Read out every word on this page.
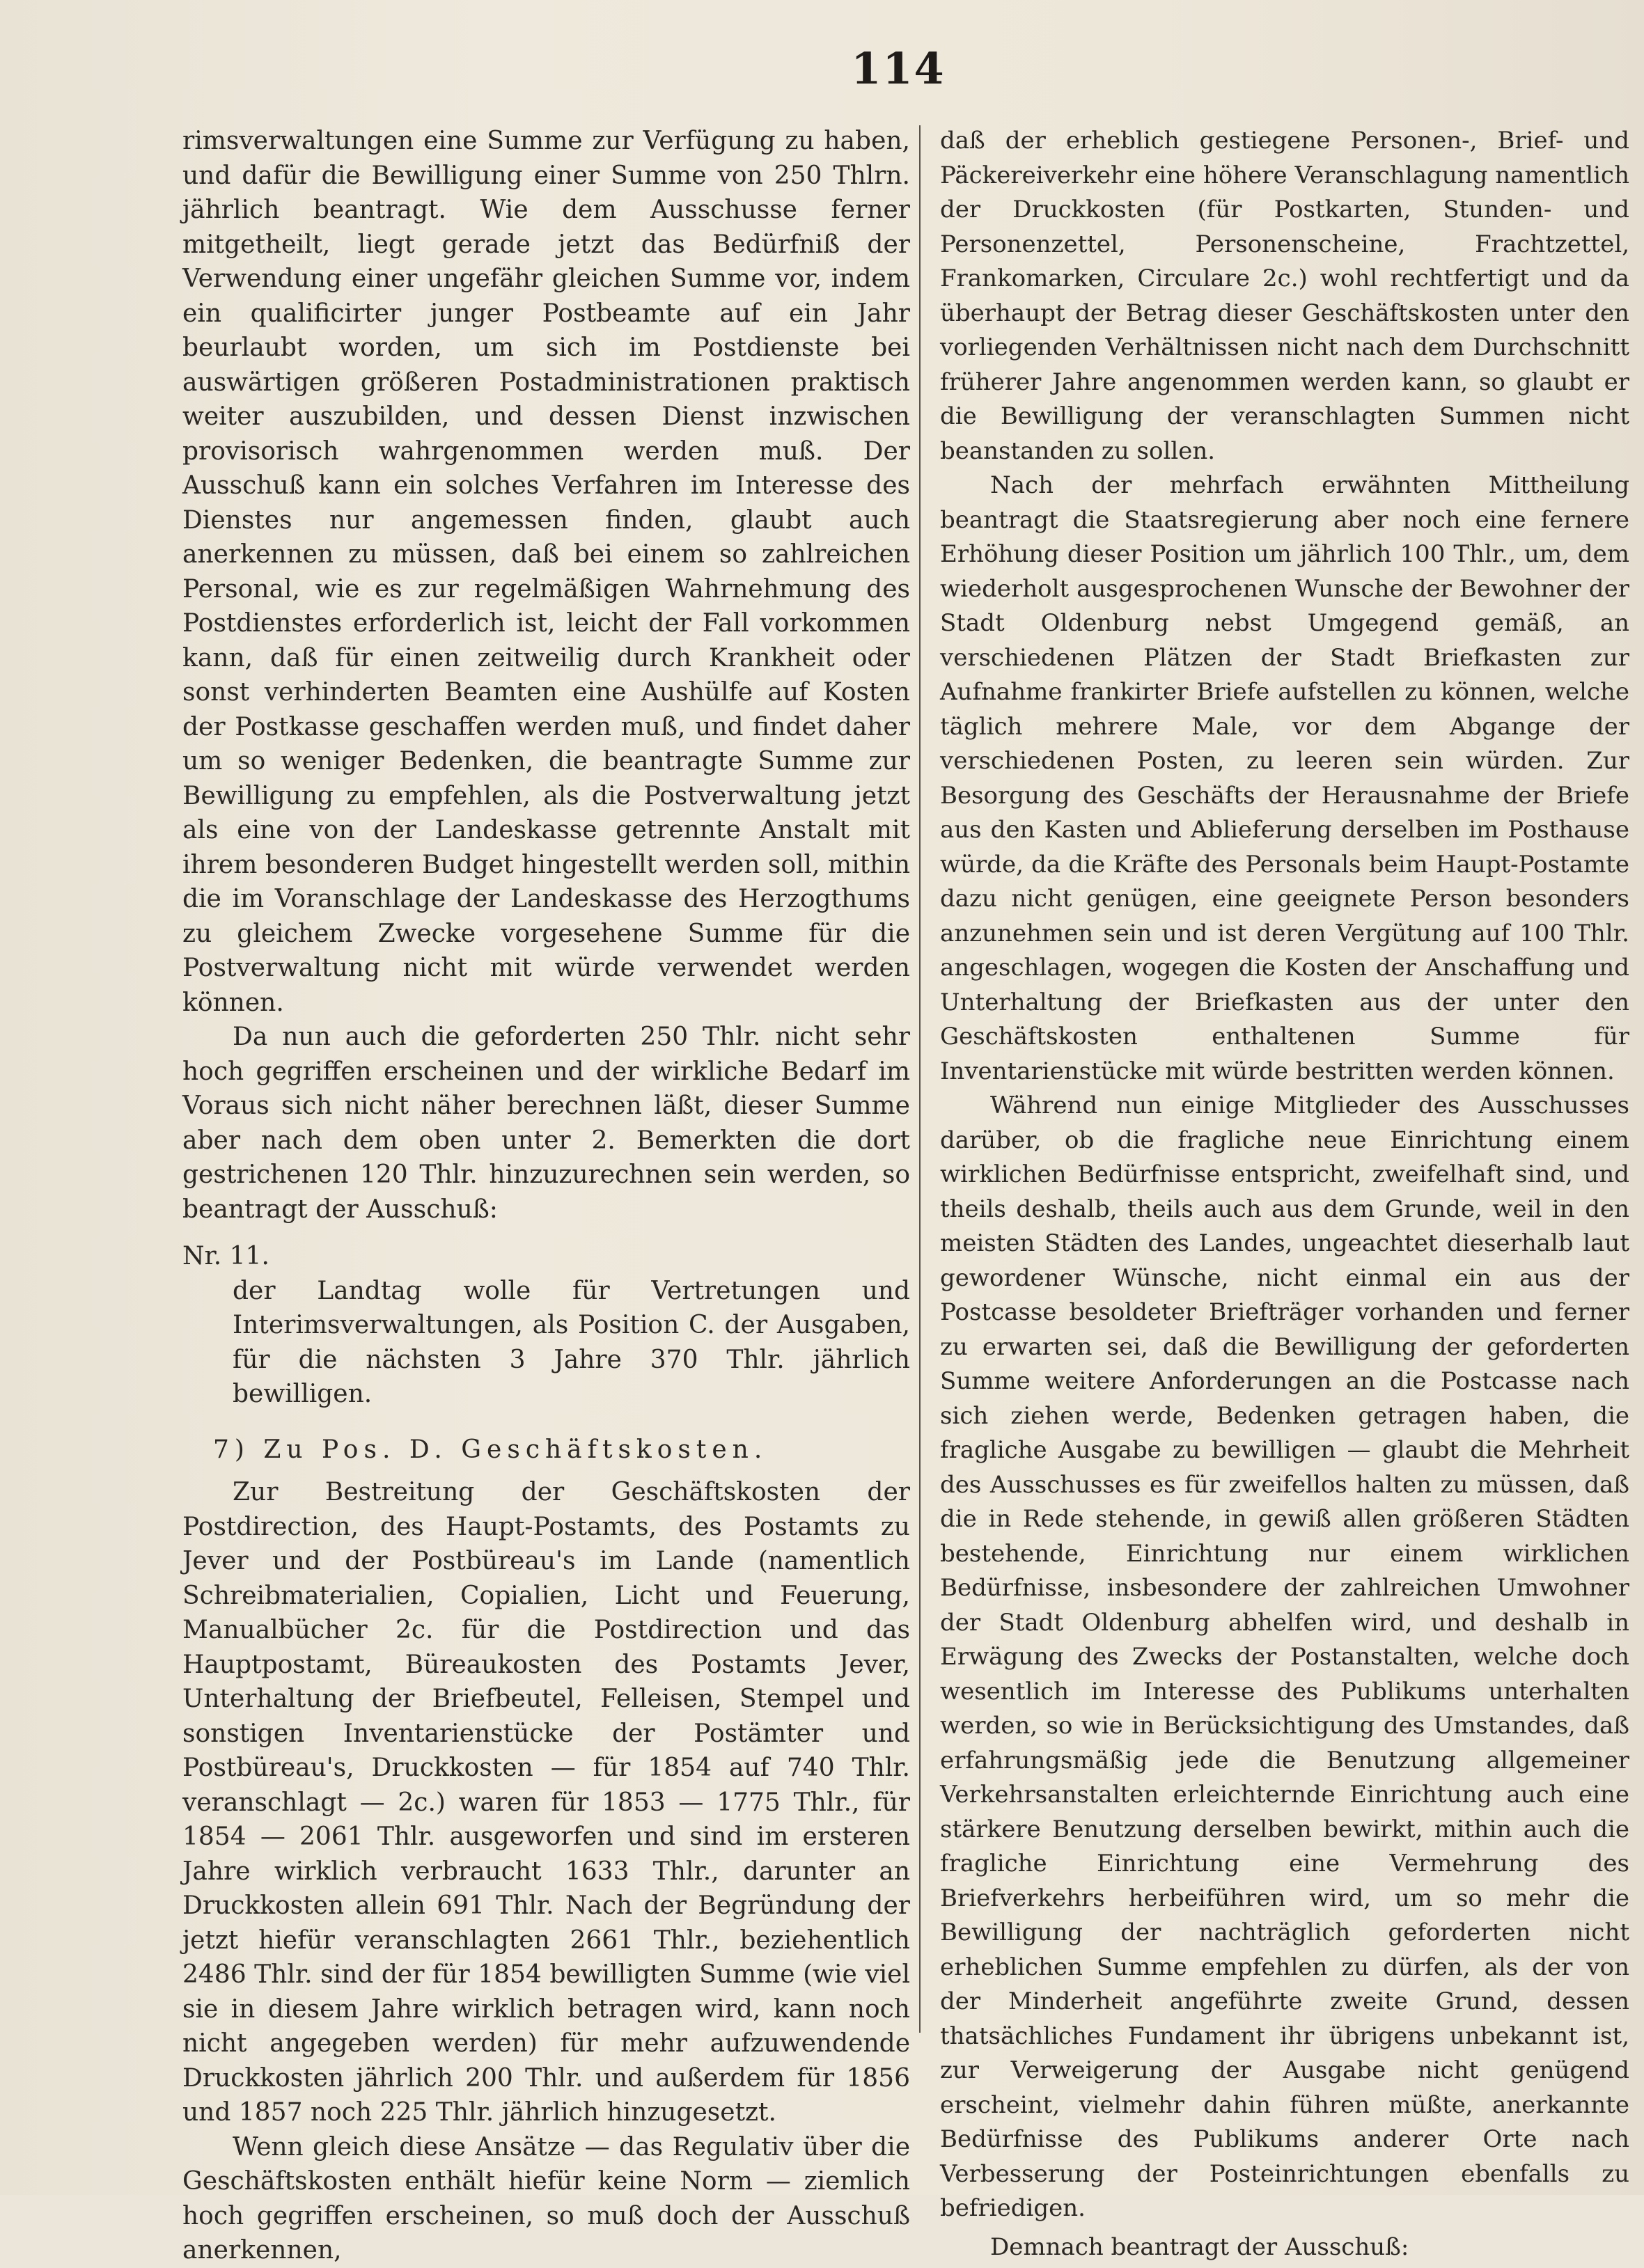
114

rimsverwaltungen eine Summe zur Verfügung zu haben, und dafür die Bewilligung einer Summe von 250 Thlrn. jährlich beantragt. Wie dem Ausschusse ferner mitgetheilt, liegt gerade jetzt das Bedürfniß der Verwendung einer ungefähr gleichen Summe vor, indem ein qualificirter junger Postbeamte auf ein Jahr beurlaubt worden, um sich im Postdienste bei auswärtigen größeren Postadministrationen praktisch weiter auszubilden, und dessen Dienst inzwischen provisorisch wahrgenommen werden muß. Der Ausschuß kann ein solches Verfahren im Interesse des Dienstes nur angemessen finden, glaubt auch anerkennen zu müssen, daß bei einem so zahlreichen Personal, wie es zur regelmäßigen Wahrnehmung des Postdienstes erforderlich ist, leicht der Fall vorkommen kann, daß für einen zeitweilig durch Krankheit oder sonst verhinderten Beamten eine Aushülfe auf Kosten der Postkasse geschaffen werden muß, und findet daher um so weniger Bedenken, die beantragte Summe zur Bewilligung zu empfehlen, als die Postverwaltung jetzt als eine von der Landeskasse getrennte Anstalt mit ihrem besonderen Budget hingestellt werden soll, mithin die im Voranschlage der Landeskasse des Herzogthums zu gleichem Zwecke vorgesehene Summe für die Postverwaltung nicht mit würde verwendet werden können.

Da nun auch die geforderten 250 Thlr. nicht sehr hoch gegriffen erscheinen und der wirkliche Bedarf im Voraus sich nicht näher berechnen läßt, dieser Summe aber nach dem oben unter 2. Bemerkten die dort gestrichenen 120 Thlr. hinzuzurechnen sein werden, so beantragt der Ausschuß:

Nr. 11.

der Landtag wolle für Vertretungen und Interimsverwaltungen, als Position C. der Ausgaben, für die nächsten 3 Jahre 370 Thlr. jährlich bewilligen.

7) Zu Pos. D. Geschäftskosten.

Zur Bestreitung der Geschäftskosten der Postdirection, des Haupt-Postamts, des Postamts zu Jever und der Postbüreau's im Lande (namentlich Schreibmaterialien, Copialien, Licht und Feuerung, Manualbücher 2c. für die Postdirection und das Hauptpostamt, Büreaukosten des Postamts Jever, Unterhaltung der Briefbeutel, Felleisen, Stempel und sonstigen Inventarienstücke der Postämter und Postbüreau's, Druckkosten — für 1854 auf 740 Thlr. veranschlagt — 2c.) waren für 1853 — 1775 Thlr., für 1854 — 2061 Thlr. ausgeworfen und sind im ersteren Jahre wirklich verbraucht 1633 Thlr., darunter an Druckkosten allein 691 Thlr. Nach der Begründung der jetzt hiefür veranschlagten 2661 Thlr., beziehentlich 2486 Thlr. sind der für 1854 bewilligten Summe (wie viel sie in diesem Jahre wirklich betragen wird, kann noch nicht angegeben werden) für mehr aufzuwendende Druckkosten jährlich 200 Thlr. und außerdem für 1856 und 1857 noch 225 Thlr. jährlich hinzugesetzt.

Wenn gleich diese Ansätze — das Regulativ über die Geschäftskosten enthält hiefür keine Norm — ziemlich hoch gegriffen erscheinen, so muß doch der Ausschuß anerkennen,

daß der erheblich gestiegene Personen-, Brief- und Päckereiverkehr eine höhere Veranschlagung namentlich der Druckkosten (für Postkarten, Stunden- und Personenzettel, Personenscheine, Frachtzettel, Frankomarken, Circulare 2c.) wohl rechtfertigt und da überhaupt der Betrag dieser Geschäftskosten unter den vorliegenden Verhältnissen nicht nach dem Durchschnitt früherer Jahre angenommen werden kann, so glaubt er die Bewilligung der veranschlagten Summen nicht beanstanden zu sollen.

Nach der mehrfach erwähnten Mittheilung beantragt die Staatsregierung aber noch eine fernere Erhöhung dieser Position um jährlich 100 Thlr., um, dem wiederholt ausgesprochenen Wunsche der Bewohner der Stadt Oldenburg nebst Umgegend gemäß, an verschiedenen Plätzen der Stadt Briefkasten zur Aufnahme frankirter Briefe aufstellen zu können, welche täglich mehrere Male, vor dem Abgange der verschiedenen Posten, zu leeren sein würden. Zur Besorgung des Geschäfts der Herausnahme der Briefe aus den Kasten und Ablieferung derselben im Posthause würde, da die Kräfte des Personals beim Haupt-Postamte dazu nicht genügen, eine geeignete Person besonders anzunehmen sein und ist deren Vergütung auf 100 Thlr. angeschlagen, wogegen die Kosten der Anschaffung und Unterhaltung der Briefkasten aus der unter den Geschäftskosten enthaltenen Summe für Inventarienstücke mit würde bestritten werden können.

Während nun einige Mitglieder des Ausschusses darüber, ob die fragliche neue Einrichtung einem wirklichen Bedürfnisse entspricht, zweifelhaft sind, und theils deshalb, theils auch aus dem Grunde, weil in den meisten Städten des Landes, ungeachtet dieserhalb laut gewordener Wünsche, nicht einmal ein aus der Postcasse besoldeter Briefträger vorhanden und ferner zu erwarten sei, daß die Bewilligung der geforderten Summe weitere Anforderungen an die Postcasse nach sich ziehen werde, Bedenken getragen haben, die fragliche Ausgabe zu bewilligen — glaubt die Mehrheit des Ausschusses es für zweifellos halten zu müssen, daß die in Rede stehende, in gewiß allen größeren Städten bestehende, Einrichtung nur einem wirklichen Bedürfnisse, insbesondere der zahlreichen Umwohner der Stadt Oldenburg abhelfen wird, und deshalb in Erwägung des Zwecks der Postanstalten, welche doch wesentlich im Interesse des Publikums unterhalten werden, so wie in Berücksichtigung des Umstandes, daß erfahrungsmäßig jede die Benutzung allgemeiner Verkehrsanstalten erleichternde Einrichtung auch eine stärkere Benutzung derselben bewirkt, mithin auch die fragliche Einrichtung eine Vermehrung des Briefverkehrs herbeiführen wird, um so mehr die Bewilligung der nachträglich geforderten nicht erheblichen Summe empfehlen zu dürfen, als der von der Minderheit angeführte zweite Grund, dessen thatsächliches Fundament ihr übrigens unbekannt ist, zur Verweigerung der Ausgabe nicht genügend erscheint, vielmehr dahin führen müßte, anerkannte Bedürfnisse des Publikums anderer Orte nach Verbesserung der Posteinrichtungen ebenfalls zu befriedigen.

Demnach beantragt der Ausschuß:
